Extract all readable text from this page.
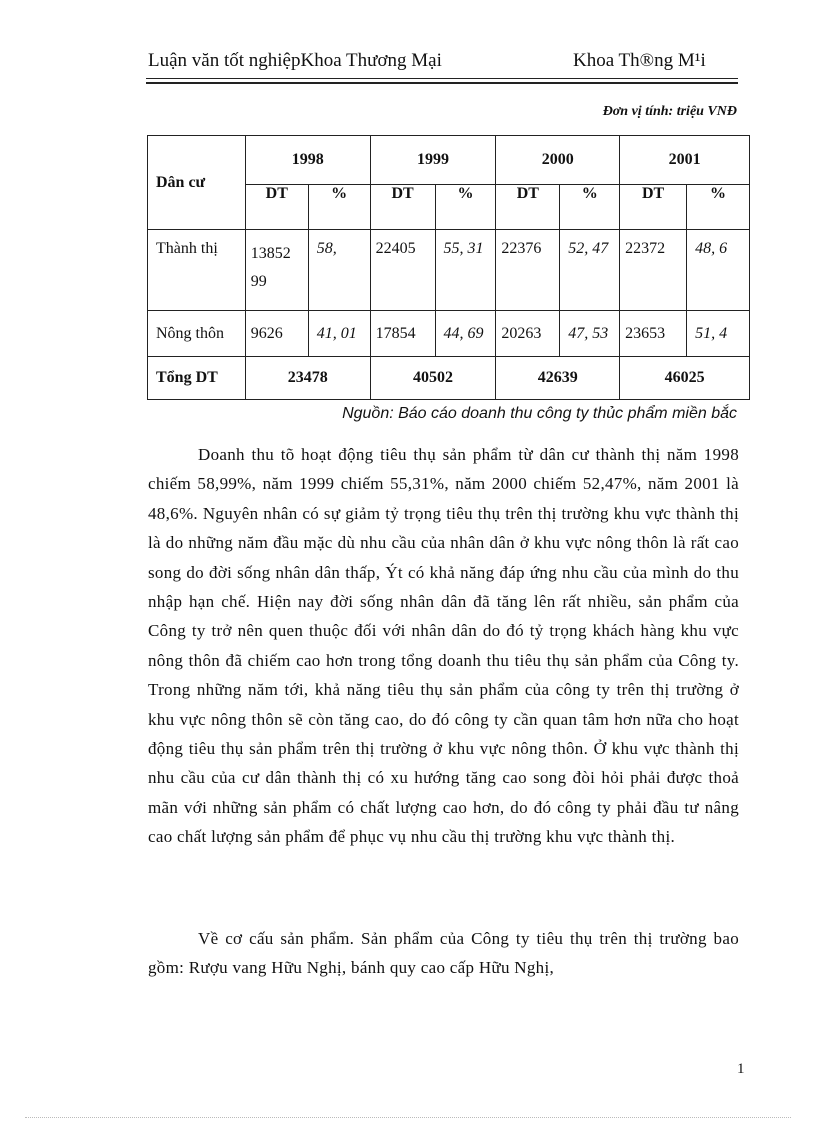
Luận văn tốt nghiệpKhoa Thương Mại	Khoa Th®ng M¹i
Đơn vị tính: triệu VNĐ
Dân cư	1998		1999		2000		2001	
	DT	%	DT	%	DT	%	DT	%
Thành thị	1385299	58,	22405	55, 31	22376	52, 47	22372	48, 6
Nông thôn	9626	41, 01	17854	44, 69	20263	47, 53	23653	51, 4
Tổng DT	23478		40502		42639		46025	
Nguồn: Báo cáo doanh thu công ty thủc phẩm miền bắc
Doanh thu tõ hoạt động tiêu thụ sản phẩm từ dân cư thành thị năm 1998 chiếm 58,99%, năm 1999 chiếm 55,31%, năm 2000 chiếm 52,47%, năm 2001 là 48,6%. Nguyên nhân có sự giảm tỷ trọng tiêu thụ trên thị trường khu vực thành thị là do những năm đầu mặc dù nhu cầu của nhân dân ở khu vực nông thôn là rất cao song do đời sống nhân dân thấp, Ýt có khả năng đáp ứng nhu cầu của mình do thu nhập hạn chế. Hiện nay đời sống nhân dân đã tăng lên rất nhiều, sản phẩm của Công ty trở nên quen thuộc đối với nhân dân do đó tỷ trọng khách hàng khu vực nông thôn đã chiếm cao hơn trong tổng doanh thu tiêu thụ sản phẩm của Công ty. Trong những năm tới, khả năng tiêu thụ sản phẩm của công ty trên thị trường ở khu vực nông thôn sẽ còn tăng cao, do đó công ty cần quan tâm hơn nữa cho hoạt động tiêu thụ sản phẩm trên thị trường ở khu vực nông thôn. Ở khu vực thành thị nhu cầu của cư dân thành thị có xu hướng tăng cao song đòi hỏi phải được thoả mãn với những sản phẩm có chất lượng cao hơn, do đó công ty phải đầu tư nâng cao chất lượng sản phẩm để phục vụ nhu cầu thị trường khu vực thành thị.
Về cơ cấu sản phẩm. Sản phẩm của Công ty tiêu thụ trên thị trường bao gồm: Rượu vang Hữu Nghị, bánh quy cao cấp Hữu Nghị,
1
